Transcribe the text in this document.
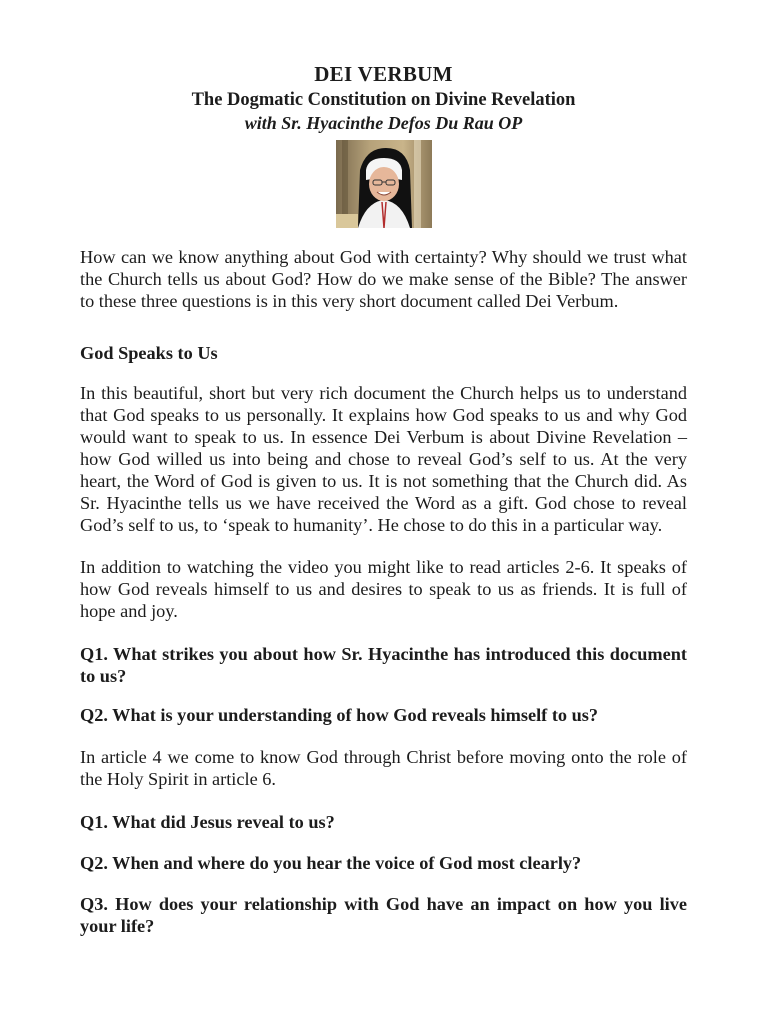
DEI VERBUM
The Dogmatic Constitution on Divine Revelation
with Sr. Hyacinthe Defos Du Rau OP

How can we know anything about God with certainty? Why should we trust what the Church tells us about God? How do we make sense of the Bible? The answer to these three questions is in this very short document called Dei Verbum.

God Speaks to Us

In this beautiful, short but very rich document the Church helps us to understand that God speaks to us personally. It explains how God speaks to us and why God would want to speak to us. In essence Dei Verbum is about Divine Revelation – how God willed us into being and chose to reveal God’s self to us. At the very heart, the Word of God is given to us. It is not something that the Church did. As Sr. Hyacinthe tells us we have received the Word as a gift. God chose to reveal God’s self to us, to ‘speak to humanity’. He chose to do this in a particular way.

In addition to watching the video you might like to read articles 2-6. It speaks of how God reveals himself to us and desires to speak to us as friends. It is full of hope and joy.

Q1. What strikes you about how Sr. Hyacinthe has introduced this document to us?

Q2. What is your understanding of how God reveals himself to us?

In article 4 we come to know God through Christ before moving onto the role of the Holy Spirit in article 6.

Q1. What did Jesus reveal to us?

Q2. When and where do you hear the voice of God most clearly?

Q3. How does your relationship with God have an impact on how you live your life?
